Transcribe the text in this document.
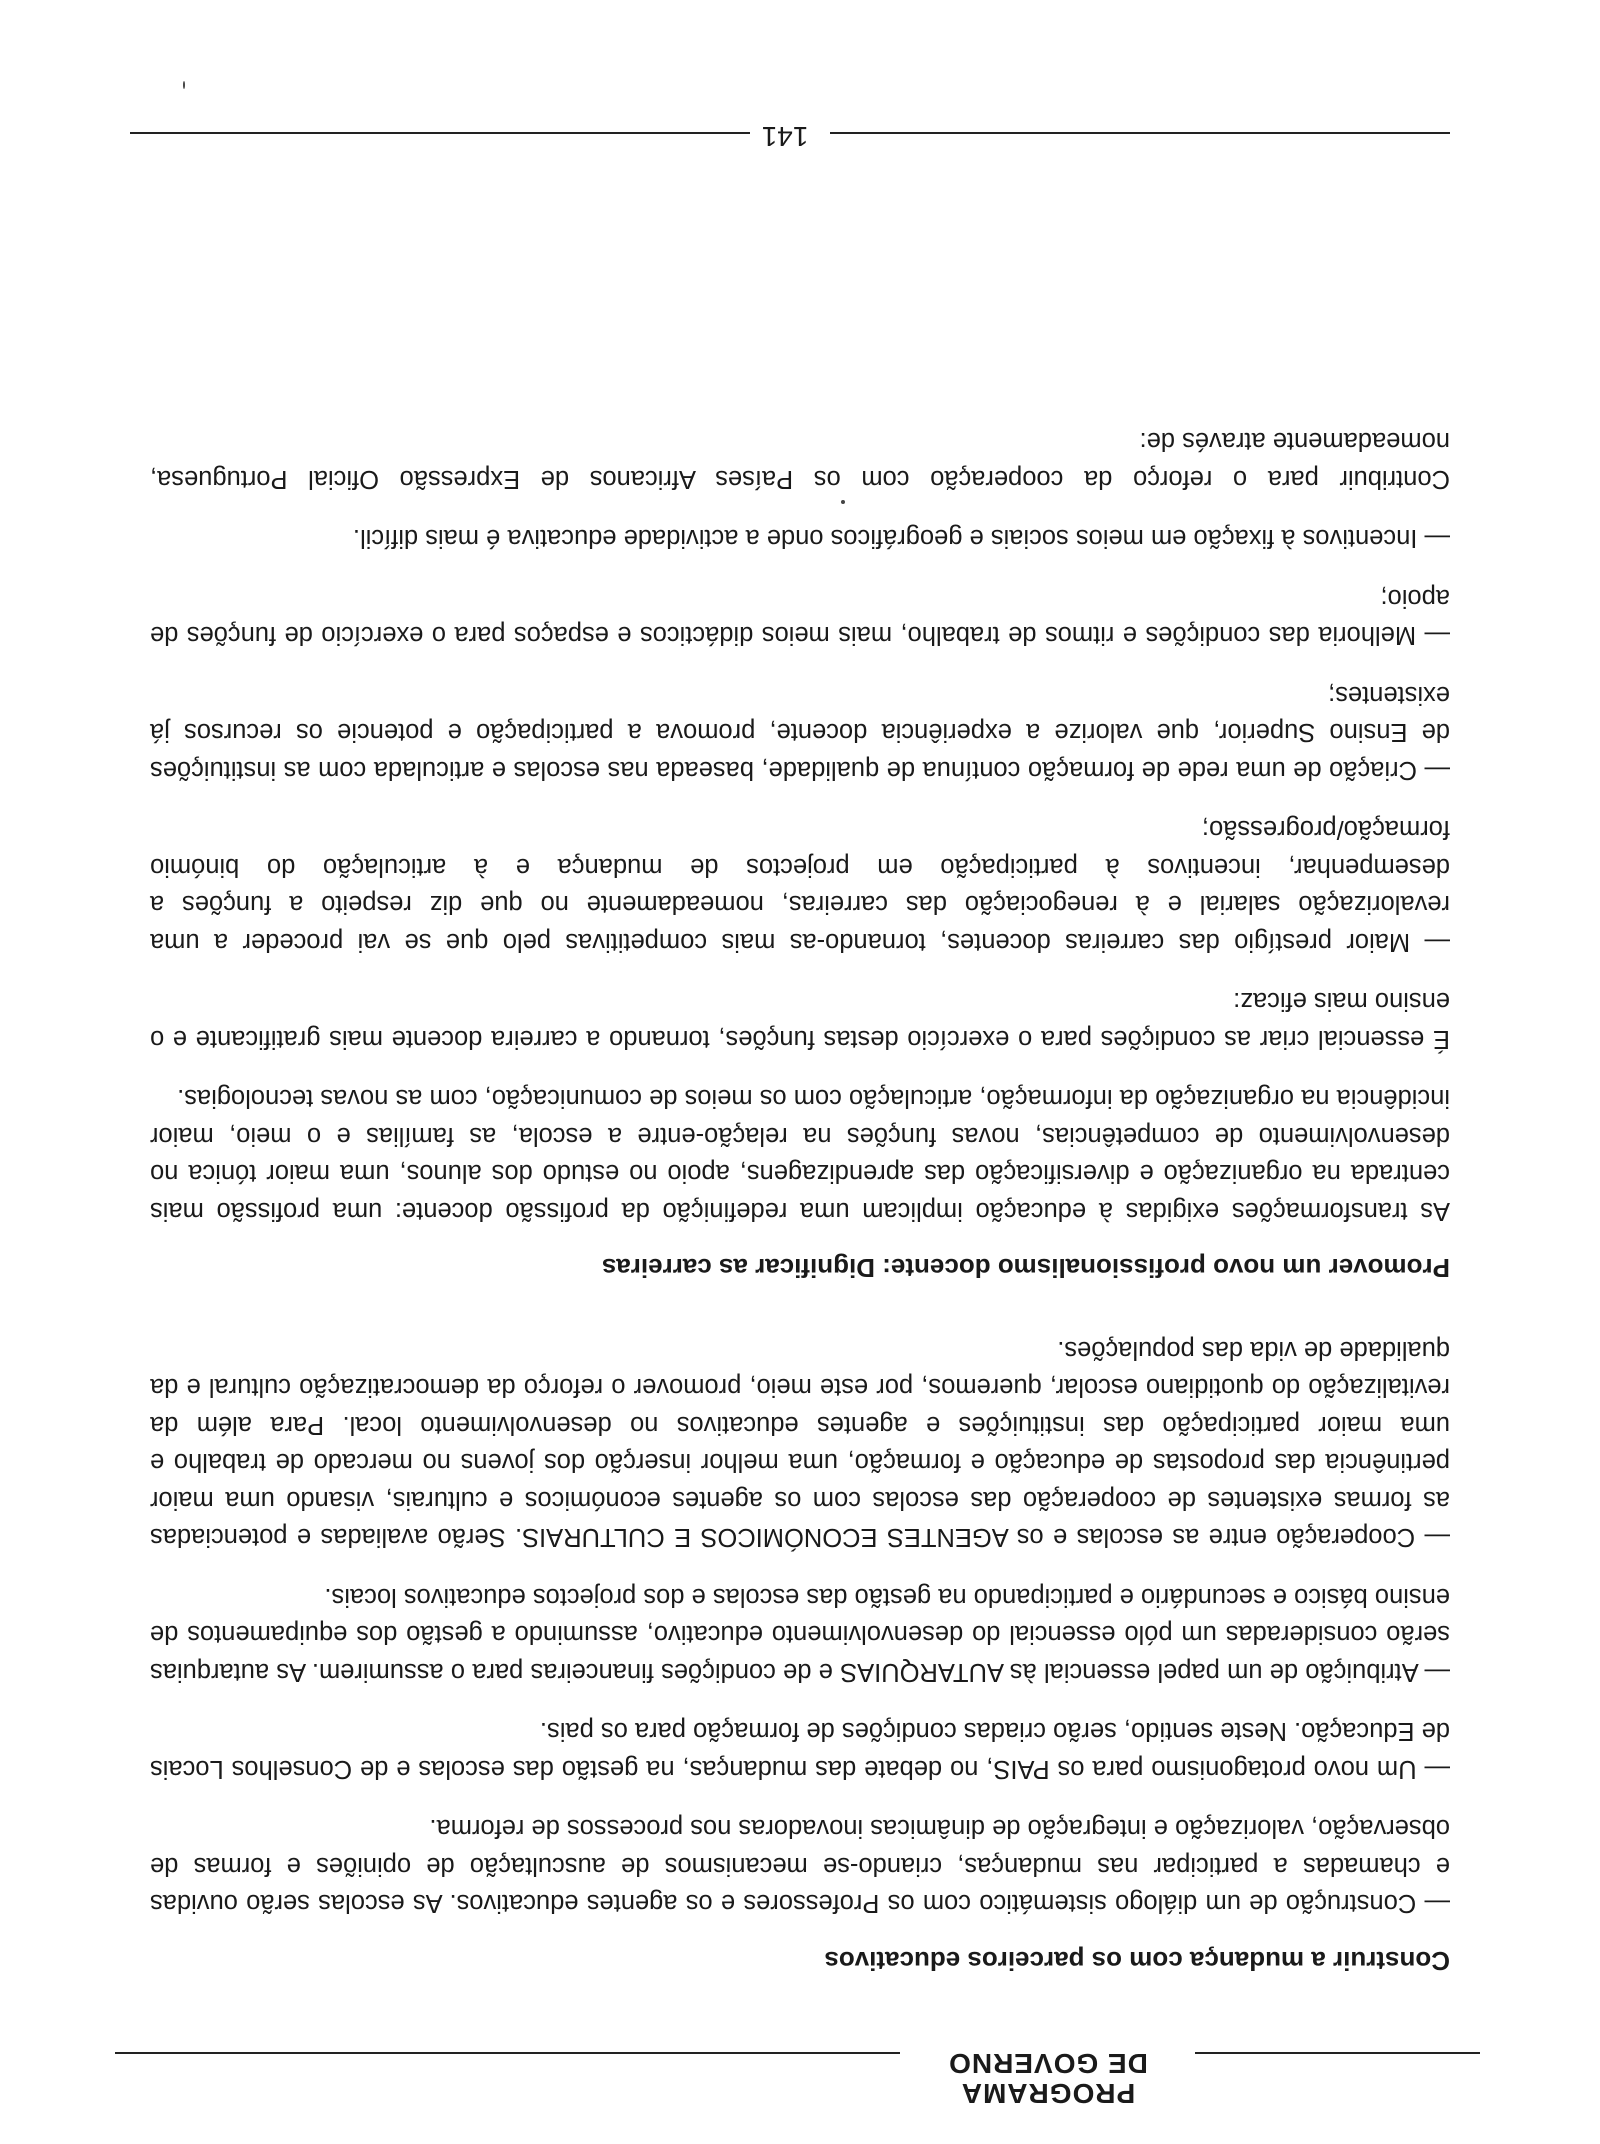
PROGRAMA
DE GOVERNO
Construir a mudança com os parceiros educativos

— Construção de um diálogo sistemático com os Professores e os agentes educativos. As escolas serão ouvidas e chamadas a participar nas mudanças, criando-se mecanismos de auscultação de opiniões e formas de observação, valorização e integração de dinâmicas inovadoras nos processos de reforma.

— Um novo protagonismo para os PAIS, no debate das mudanças, na gestão das escolas e de Conselhos Locais de Educação. Neste sentido, serão criadas condições de formação para os pais.

— Atribuição de um papel essencial às AUTARQUIAS e de condições financeiras para o assumirem. As autarquias serão consideradas um pólo essencial do desenvolvimento educativo, assumindo a gestão dos equipamentos de ensino básico e secundário e participando na gestão das escolas e dos projectos educativos locais.

— Cooperação entre as escolas e os AGENTES ECONÓMICOS E CULTURAIS. Serão avaliadas e potenciadas as formas existentes de cooperação das escolas com os agentes económicos e culturais, visando uma maior pertinência das propostas de educação e formação, uma melhor inserção dos jovens no mercado de trabalho e uma maior participação das instituições e agentes educativos no desenvolvimento local. Para além da revitalização do quotidiano escolar, queremos, por este meio, promover o reforço da democratização cultural e da qualidade de vida das populações.

Promover um novo profissionalismo docente: Dignificar as carreiras

As transformações exigidas à educação implicam uma redefinição da profissão docente: uma profissão mais centrada na organização e diversificação das aprendizagens, apoio no estudo dos alunos, uma maior tónica no desenvolvimento de competências, novas funções na relação-entre a escola, as famílias e o meio, maior incidência na organização da informação, articulação com os meios de comunicação, com as novas tecnologias.

É essencial criar as condições para o exercício destas funções, tornando a carreira docente mais gratificante e o ensino mais eficaz:

— Maior prestígio das carreiras docentes, tornando-as mais competitivas pelo que se vai proceder a uma revalorização salarial e à renegociação das carreiras, nomeadamente no que diz respeito a funções a desempenhar, incentivos à participação em projectos de mudança e à articulação do binómio formação/progressão;

— Criação de uma rede de formação contínua de qualidade, baseada nas escolas e articulada com as instituições de Ensino Superior, que valorize a experiência docente, promova a participação e potencie os recursos já existentes;

— Melhoria das condições e ritmos de trabalho, mais meios didácticos e espaços para o exercício de funções de apoio;

— Incentivos à fixação em meios sociais e geográficos onde a actividade educativa é mais difícil.

Contribuir para o reforço da cooperação com os Países Africanos de Expressão Oficial Portuguesa, nomeadamente através de:

141
